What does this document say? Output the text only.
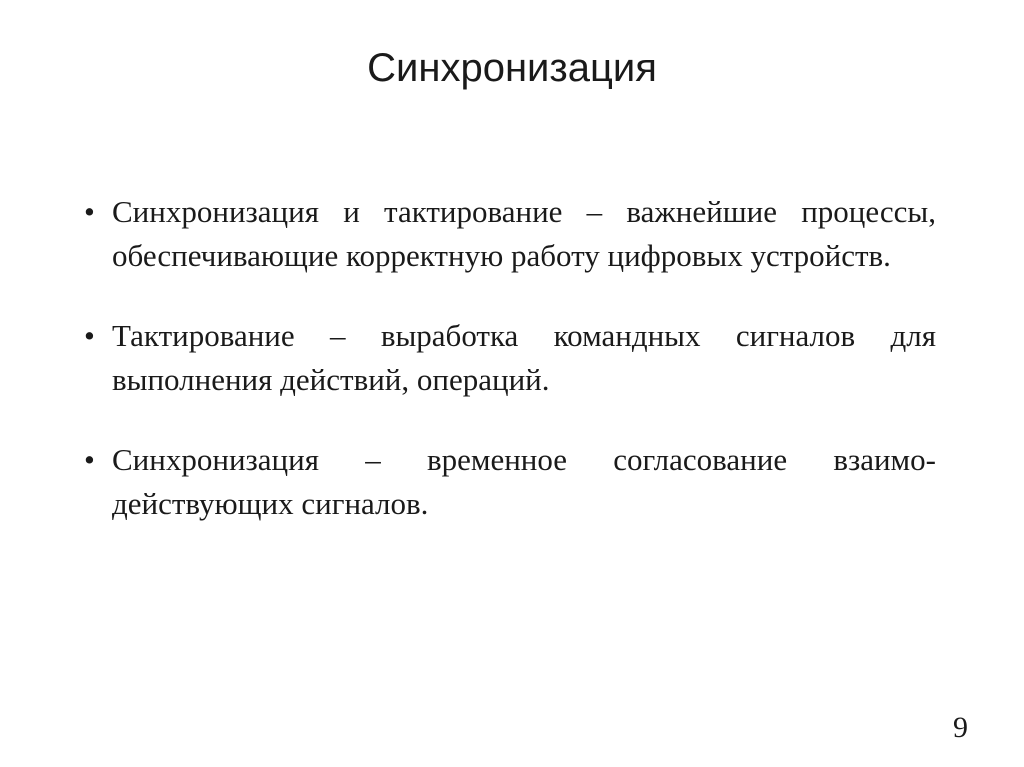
Синхронизация
• Синхронизация и тактирование – важнейшие процессы, обеспечивающие корректную работу цифровых устройств.
• Тактирование – выработка командных сигналов для выполнения действий, операций.
• Синхронизация – временное согласование взаимо-действующих сигналов.
9
